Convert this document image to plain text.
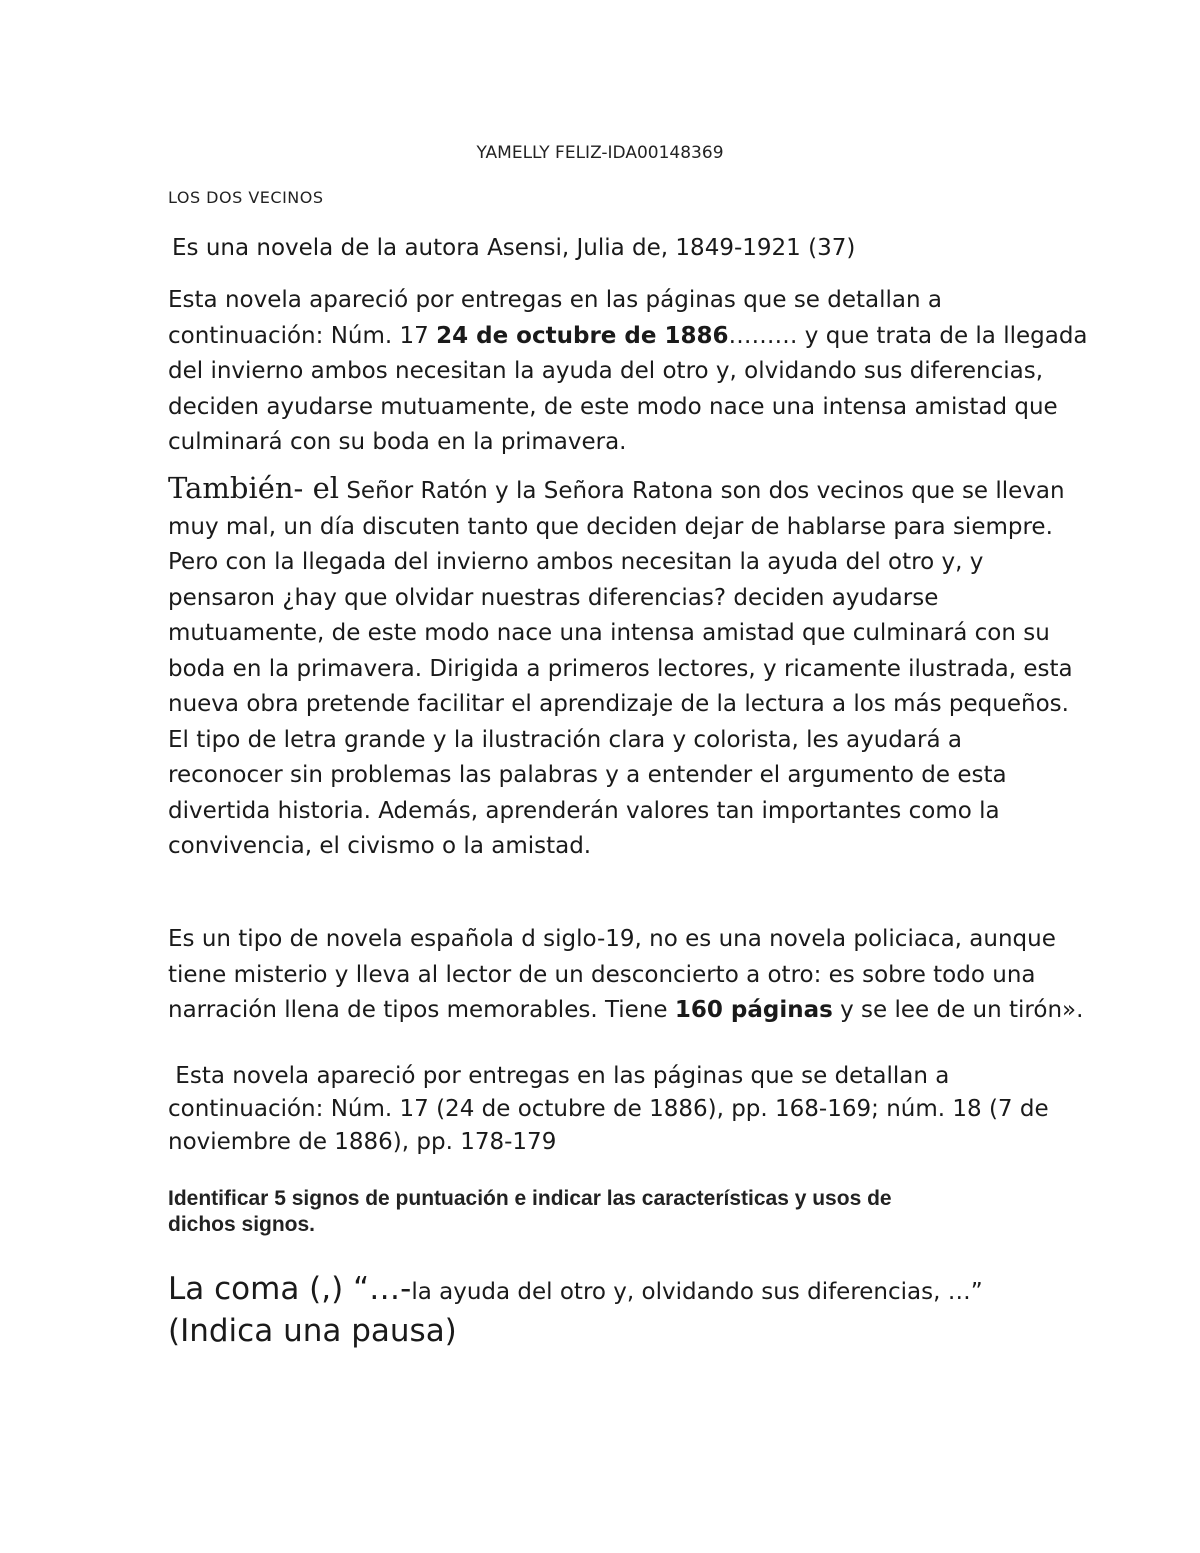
YAMELLY FELIZ-IDA00148369

LOS DOS VECINOS

Es una novela de la autora Asensi, Julia de, 1849-1921 (37)

Esta novela apareció por entregas en las páginas que se detallan a
continuación: Núm. 17 24 de octubre de 1886……… y que trata de la llegada
del invierno ambos necesitan la ayuda del otro y, olvidando sus diferencias,
deciden ayudarse mutuamente, de este modo nace una intensa amistad que
culminará con su boda en la primavera.
También- el Señor Ratón y la Señora Ratona son dos vecinos que se llevan
muy mal, un día discuten tanto que deciden dejar de hablarse para siempre.
Pero con la llegada del invierno ambos necesitan la ayuda del otro y, y
pensaron ¿hay que olvidar nuestras diferencias? deciden ayudarse
mutuamente, de este modo nace una intensa amistad que culminará con su
boda en la primavera. Dirigida a primeros lectores, y ricamente ilustrada, esta
nueva obra pretende facilitar el aprendizaje de la lectura a los más pequeños.
El tipo de letra grande y la ilustración clara y colorista, les ayudará a
reconocer sin problemas las palabras y a entender el argumento de esta
divertida historia. Además, aprenderán valores tan importantes como la
convivencia, el civismo o la amistad.
Es un tipo de novela española d siglo-19, no es una novela policiaca, aunque
tiene misterio y lleva al lector de un desconcierto a otro: es sobre todo una
narración llena de tipos memorables. Tiene 160 páginas y se lee de un tirón».
Esta novela apareció por entregas en las páginas que se detallan a
continuación: Núm. 17 (24 de octubre de 1886), pp. 168-169; núm. 18 (7 de
noviembre de 1886), pp. 178-179
Identificar 5 signos de puntuación e indicar las características y usos de
dichos signos.
La coma (,) “…-la ayuda del otro y, olvidando sus diferencias, …”
(Indica una pausa)
